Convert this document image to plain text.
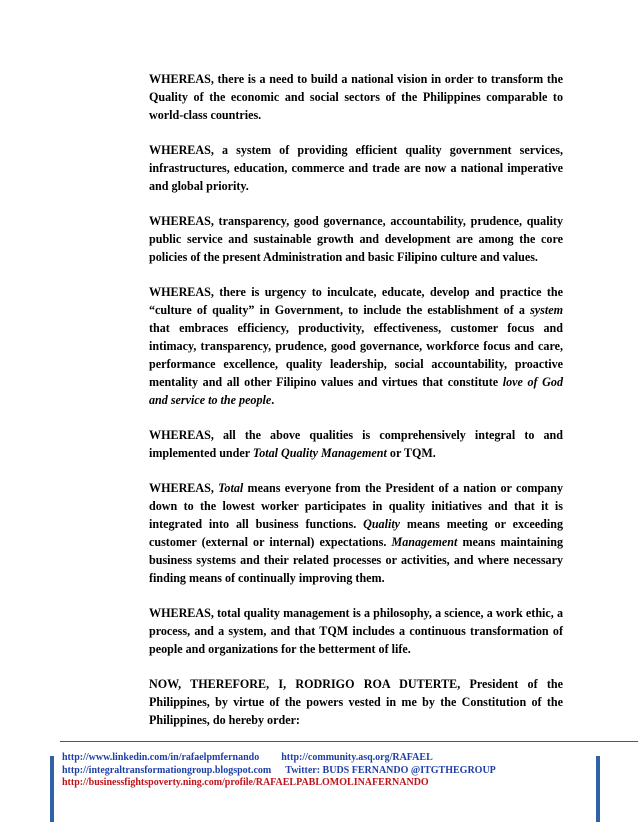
WHEREAS, there is a need to build a national vision in order to transform the Quality of the economic and social sectors of the Philippines comparable to world-class countries.

WHEREAS, a system of providing efficient quality government services, infrastructures, education, commerce and trade are now a national imperative and global priority.

WHEREAS, transparency, good governance, accountability, prudence, quality public service and sustainable growth and development are among the core policies of the present Administration and basic Filipino culture and values.

WHEREAS, there is urgency to inculcate, educate, develop and practice the “culture of quality” in Government, to include the establishment of a system that embraces efficiency, productivity, effectiveness, customer focus and intimacy, transparency, prudence, good governance, workforce focus and care, performance excellence, quality leadership, social accountability, proactive mentality and all other Filipino values and virtues that constitute love of God and service to the people.

WHEREAS, all the above qualities is comprehensively integral to and implemented under Total Quality Management or TQM.

WHEREAS, Total means everyone from the President of a nation or company down to the lowest worker participates in quality initiatives and that it is integrated into all business functions. Quality means meeting or exceeding customer (external or internal) expectations. Management means maintaining business systems and their related processes or activities, and where necessary finding means of continually improving them.

WHEREAS, total quality management is a philosophy, a science, a work ethic, a process, and a system, and that TQM includes a continuous transformation of people and organizations for the betterment of life.

NOW, THEREFORE, I, RODRIGO ROA DUTERTE, President of the Philippines, by virtue of the powers vested in me by the Constitution of the Philippines, do hereby order:

http://www.linkedin.com/in/rafaelpmfernando http://community.asq.org/RAFAEL
http://integraltransformationgroup.blogspot.com Twitter: BUDS FERNANDO @ITGTHEGROUP
http://businessfightspoverty.ning.com/profile/RAFAELPABLOMOLINAFERNANDO
